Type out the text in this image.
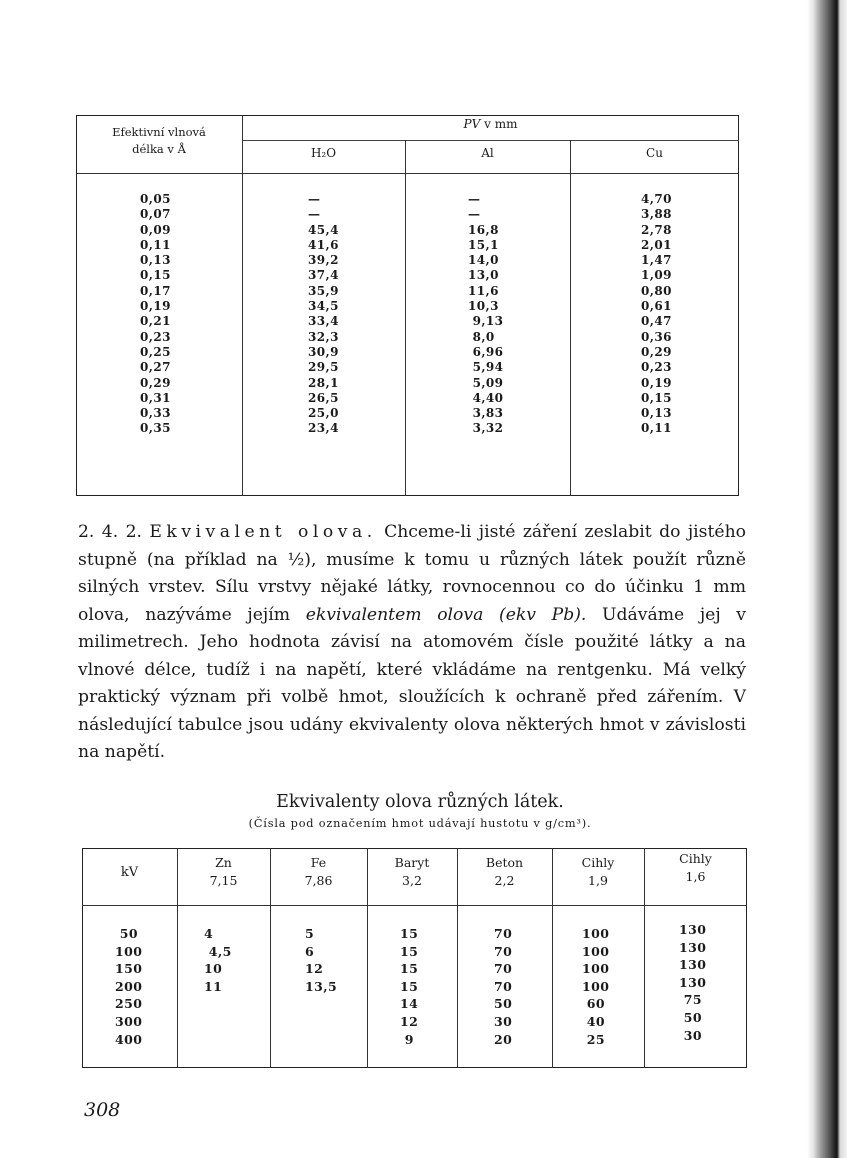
Efektivní vlnová
délka v Å
PV v mm
H₂O	Al	Cu
0,05
0,07
0,09
0,11
0,13
0,15
0,17
0,19
0,21
0,23
0,25
0,27
0,29
0,31
0,33
0,35
—
—
45,4
41,6
39,2
37,4
35,9
34,5
33,4
32,3
30,9
29,5
28,1
26,5
25,0
23,4
—
—
16,8
15,1
14,0
13,0
11,6
10,3
9,13
8,0
6,96
5,94
5,09
4,40
3,83
3,32
4,70
3,88
2,78
2,01
1,47
1,09
0,80
0,61
0,47
0,36
0,29
0,23
0,19
0,15
0,13
0,11
2. 4. 2. Ekvivalent olova. Chceme-li jisté záření zeslabit do jistého stupně (na příklad na ½), musíme k tomu u různých látek použít různě silných vrstev. Sílu vrstvy nějaké látky, rovnocennou co do účinku 1 mm olova, nazýváme jejím ekvivalentem olova (ekv Pb). Udáváme jej v milimetrech. Jeho hodnota závisí na atomovém čísle použité látky a na vlnové délce, tudíž i na napětí, které vkládáme na rentgenku. Má velký praktický význam při volbě hmot, sloužících k ochraně před zářením. V následující tabulce jsou udány ekvivalenty olova některých hmot v závislosti na napětí.
Ekvivalenty olova různých látek.
(Čísla pod označením hmot udávají hustotu v g/cm³).
kV
Zn
7,15
Fe
7,86
Baryt
3,2
Beton
2,2
Cihly
1,9
Cihly
1,6
50
100
150
200
250
300
400
4
4,5
10
11

5
6
12
13,5

15
15
15
15
14
12
9
70
70
70
70
50
30
20
100
100
100
100
60
40
25
130
130
130
130
75
50
30
308
